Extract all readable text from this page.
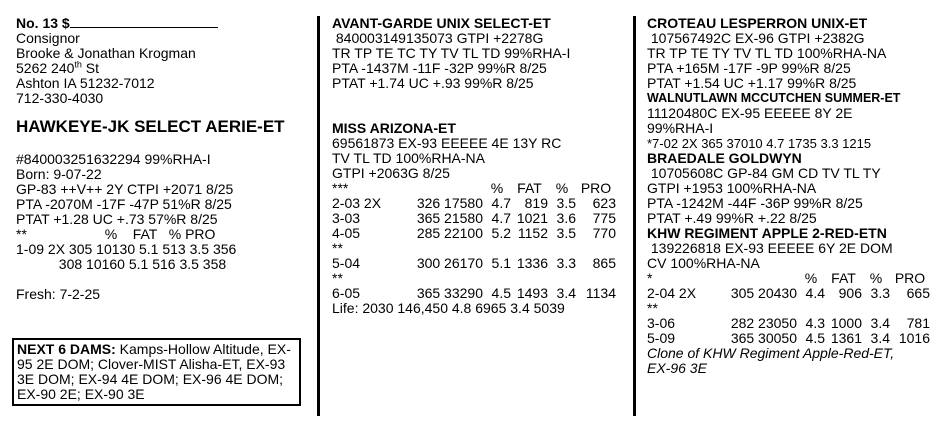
No. 13 $
Consignor
Brooke & Jonathan Krogman
5262 240th St
Ashton IA 51232-7012
712-330-4030
HAWKEYE-JK SELECT AERIE-ET
#840003251632294 99%RHA-I
Born: 9-07-22
GP-83 ++V++ 2Y CTPI +2071 8/25
PTA -2070M -17F -47P 51%R 8/25
PTAT +1.28 UC +.73 57%R 8/25
**                    %    FAT   % PRO
1-09 2X 305 10130 5.1 513 3.5 356
308 10160 5.1 516 3.5 358
Fresh: 7-2-25
NEXT 6 DAMS: Kamps-Hollow Altitude, EX-95 2E DOM; Clover-MIST Alisha-ET, EX-93 3E DOM; EX-94 4E DOM; EX-96 4E DOM; EX-90 2E; EX-90 3E
AVANT-GARDE UNIX SELECT-ET
840003149135073 GTPI +2278G
TR TP TE TC TY TV TL TD 99%RHA-I
PTA -1437M -11F -32P 99%R 8/25
PTAT +1.74 UC +.93 99%R 8/25
MISS ARIZONA-ET
69561873 EX-93 EEEEE 4E 13Y RC
TV TL TD 100%RHA-NA
GTPI +2063G 8/25
***		%	FAT	%	PRO
2-03 2X	326 17580	4.7	819	3.5	623
3-03	365 21580	4.7	1021	3.6	775
4-05	285 22100	5.2	1152	3.5	770
**					
5-04	300 26170	5.1	1336	3.3	865
**					
6-05	365 33290	4.5	1493	3.4	1134
Life: 2030 146,450 4.8 6965 3.4 5039
CROTEAU LESPERRON UNIX-ET
107567492C EX-96 GTPI +2382G
TR TP TE TY TV TL TD 100%RHA-NA
PTA +165M -17F -9P 99%R 8/25
PTAT +1.54 UC +1.17 99%R 8/25
WALNUTLAWN MCCUTCHEN SUMMER-ET
11120480C EX-95 EEEEE 8Y 2E
99%RHA-I
*7-02 2X 365 37010 4.7 1735 3.3 1215
BRAEDALE GOLDWYN
10705608C GP-84 GM CD TV TL TY
GTPI +1953 100%RHA-NA
PTA -1242M -44F -36P 99%R 8/25
PTAT +.49 99%R +.22 8/25
KHW REGIMENT APPLE 2-RED-ETN
139226818 EX-93 EEEEE 6Y 2E DOM
CV 100%RHA-NA
*		%	FAT	%	PRO
2-04 2X	305 20430	4.4	906	3.3	665
**					
3-06	282 23050	4.3	1000	3.4	781
5-09	365 30050	4.5	1361	3.4	1016
Clone of KHW Regiment Apple-Red-ET, EX-96 3E
